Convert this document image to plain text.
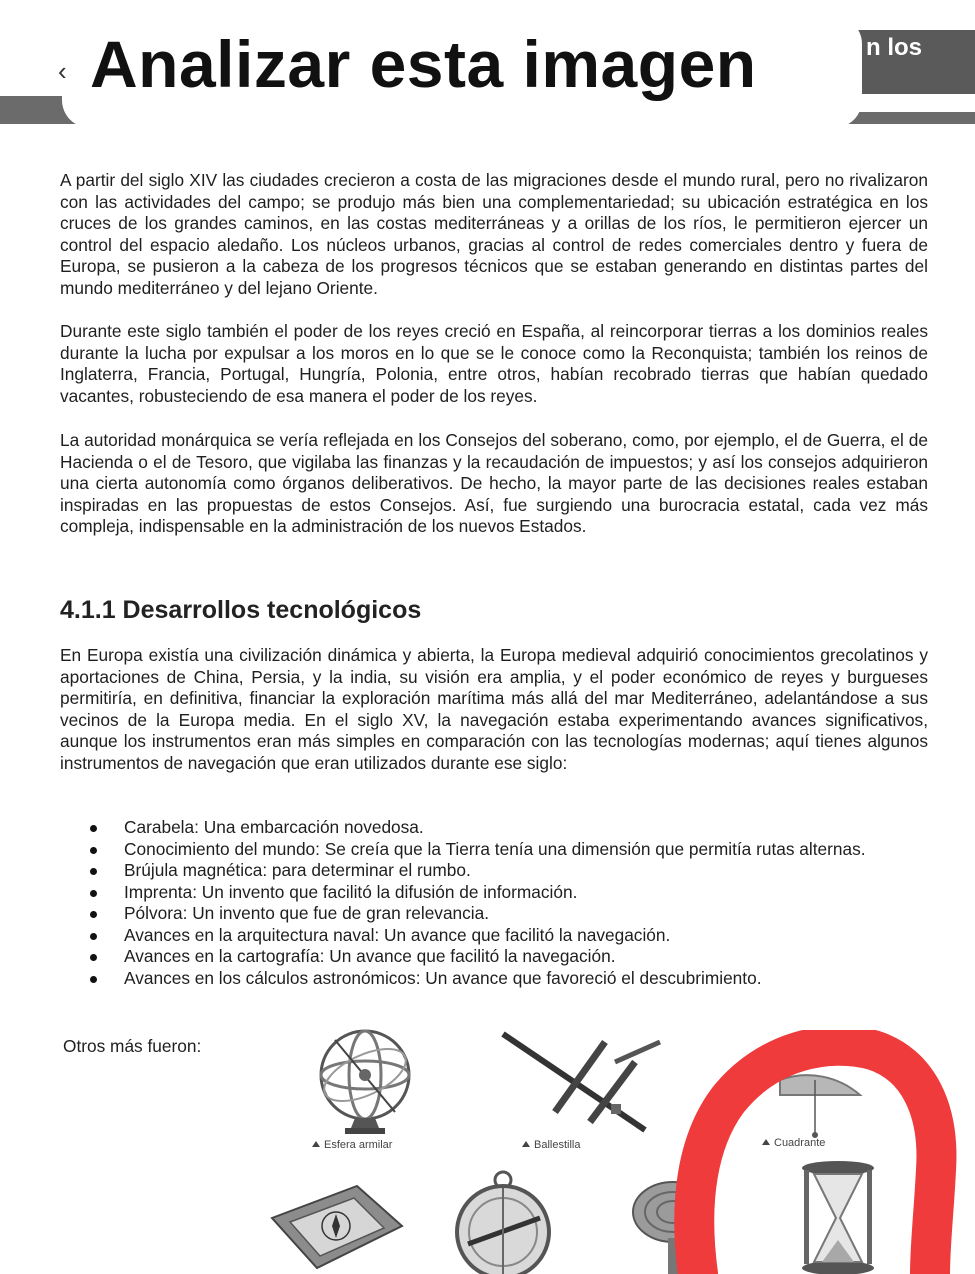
n los
‹ Analizar esta imagen

A partir del siglo XIV las ciudades crecieron a costa de las migraciones desde el mundo rural, pero no rivalizaron con las actividades del campo; se produjo más bien una complementariedad; su ubicación estratégica en los cruces de los grandes caminos, en las costas mediterráneas y a orillas de los ríos, le permitieron ejercer un control del espacio aledaño. Los núcleos urbanos, gracias al control de redes comerciales dentro y fuera de Europa, se pusieron a la cabeza de los progresos técnicos que se estaban generando en distintas partes del mundo mediterráneo y del lejano Oriente.

Durante este siglo también el poder de los reyes creció en España, al reincorporar tierras a los dominios reales durante la lucha por expulsar a los moros en lo que se le conoce como la Reconquista; también los reinos de Inglaterra, Francia, Portugal, Hungría, Polonia, entre otros, habían recobrado tierras que habían quedado vacantes, robusteciendo de esa manera el poder de los reyes.

La autoridad monárquica se vería reflejada en los Consejos del soberano, como, por ejemplo, el de Guerra, el de Hacienda o el de Tesoro, que vigilaba las finanzas y la recaudación de impuestos; y así los consejos adquirieron una cierta autonomía como órganos deliberativos. De hecho, la mayor parte de las decisiones reales estaban inspiradas en las propuestas de estos Consejos. Así, fue surgiendo una burocracia estatal, cada vez más compleja, indispensable en la administración de los nuevos Estados.

4.1.1 Desarrollos tecnológicos

En Europa existía una civilización dinámica y abierta, la Europa medieval adquirió conocimientos grecolatinos y aportaciones de China, Persia, y la india, su visión era amplia, y el poder económico de reyes y burgueses permitiría, en definitiva, financiar la exploración marítima más allá del mar Mediterráneo, adelantándose a sus vecinos de la Europa media. En el siglo XV, la navegación estaba experimentando avances significativos, aunque los instrumentos eran más simples en comparación con las tecnologías modernas; aquí tienes algunos instrumentos de navegación que eran utilizados durante ese siglo:

Carabela: Una embarcación novedosa.
Conocimiento del mundo: Se creía que la Tierra tenía una dimensión que permitía rutas alternas.
Brújula magnética: para determinar el rumbo.
Imprenta: Un invento que facilitó la difusión de información.
Pólvora: Un invento que fue de gran relevancia.
Avances en la arquitectura naval: Un avance que facilitó la navegación.
Avances en la cartografía: Un avance que facilitó la navegación.
Avances en los cálculos astronómicos: Un avance que favoreció el descubrimiento.
Otros más fueron:
Esfera armilar	Ballestilla	Cuadrante
